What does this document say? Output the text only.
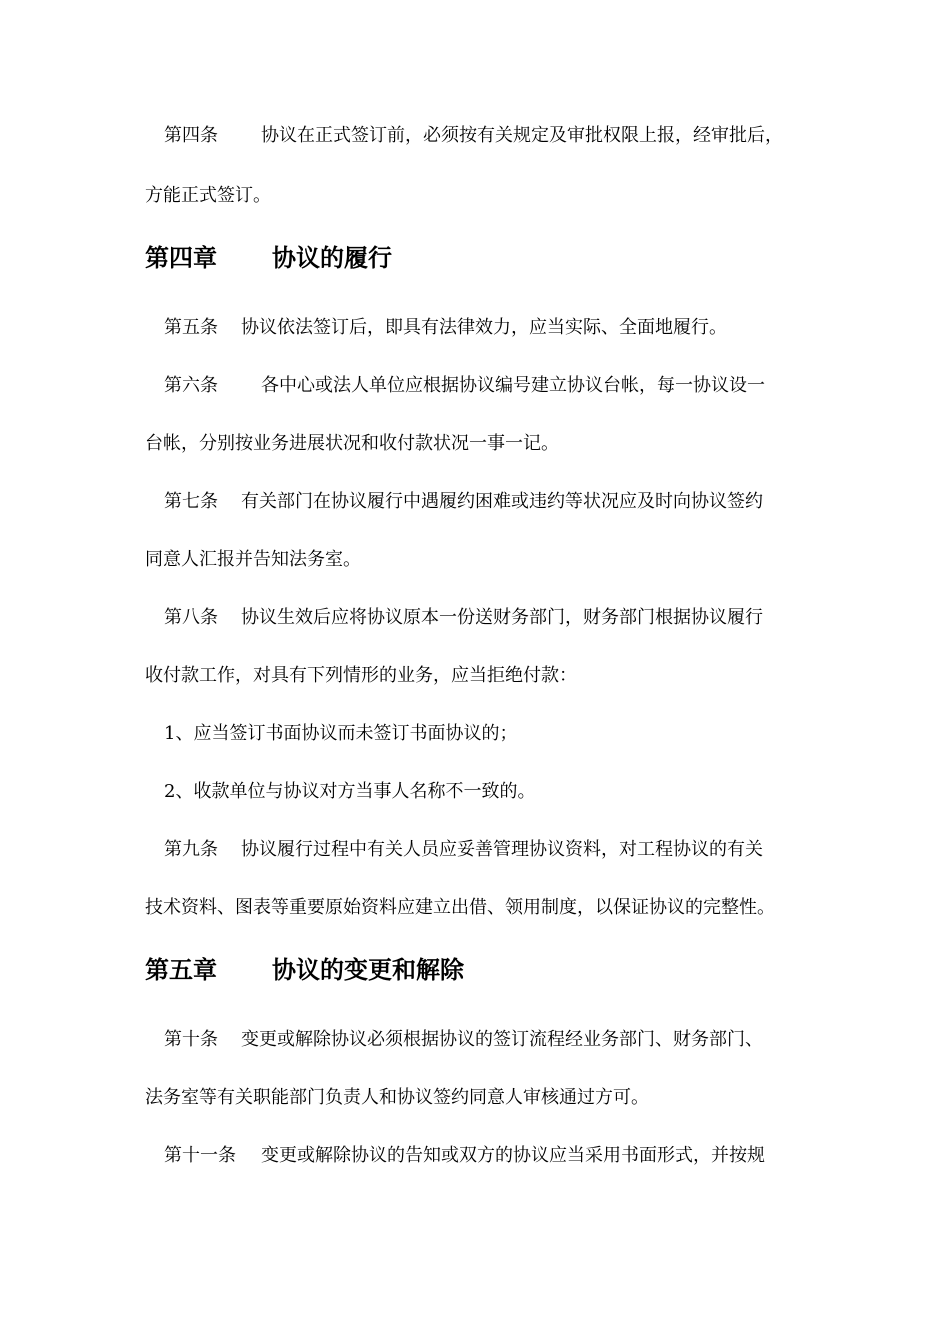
第四条 协议在正式签订前，必须按有关规定及审批权限上报，经审批后，
方能正式签订。
第四章 协议的履行
第五条 协议依法签订后，即具有法律效力，应当实际、全面地履行。
第六条 各中心或法人单位应根据协议编号建立协议台帐，每一协议设一
台帐，分别按业务进展状况和收付款状况一事一记。
第七条 有关部门在协议履行中遇履约困难或违约等状况应及时向协议签约
同意人汇报并告知法务室。
第八条 协议生效后应将协议原本一份送财务部门，财务部门根据协议履行
收付款工作，对具有下列情形的业务，应当拒绝付款：
1、应当签订书面协议而未签订书面协议的；
2、收款单位与协议对方当事人名称不一致的。
第九条 协议履行过程中有关人员应妥善管理协议资料，对工程协议的有关
技术资料、图表等重要原始资料应建立出借、领用制度，以保证协议的完整性。
第五章 协议的变更和解除
第十条 变更或解除协议必须根据协议的签订流程经业务部门、财务部门、
法务室等有关职能部门负责人和协议签约同意人审核通过方可。
第十一条 变更或解除协议的告知或双方的协议应当采用书面形式，并按规
